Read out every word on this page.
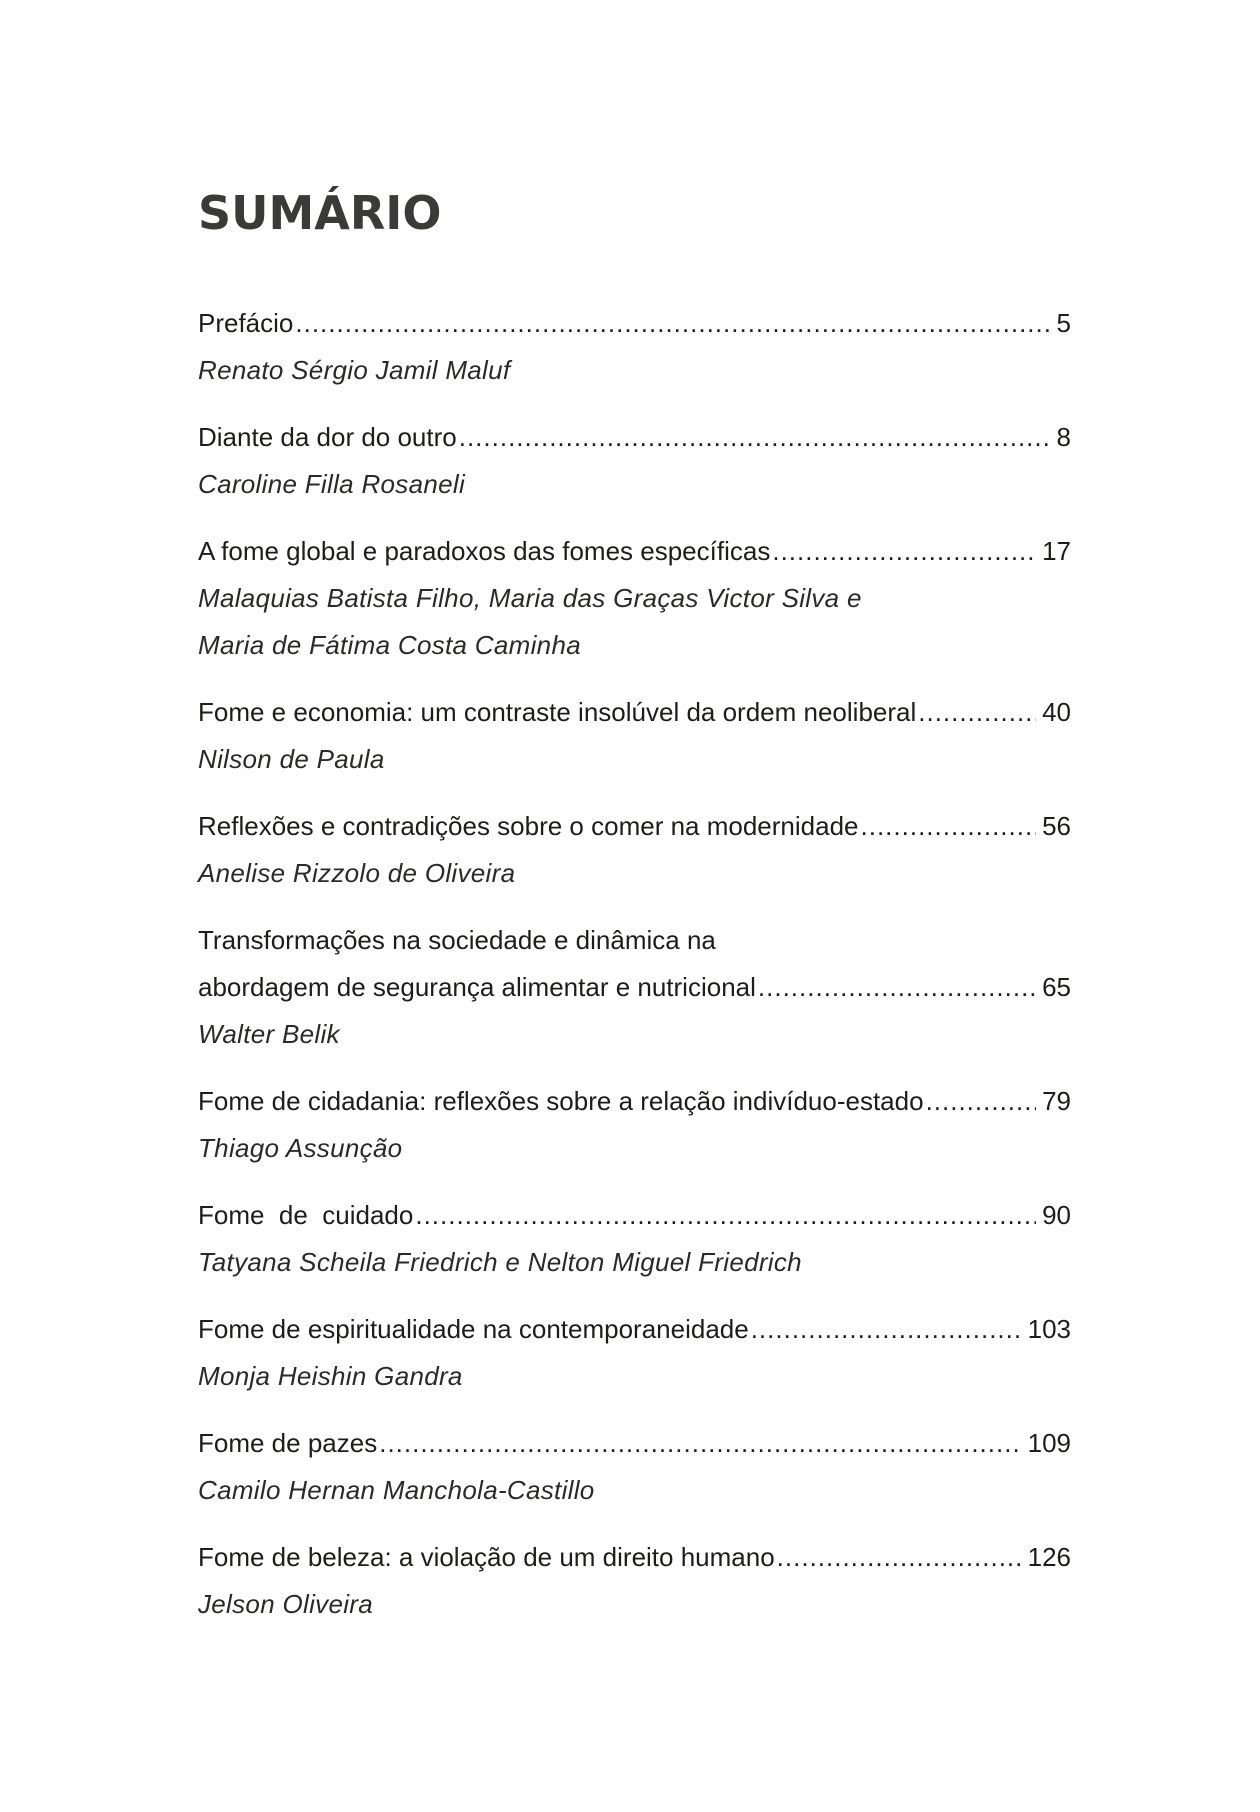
SUMÁRIO
Prefácio .....	5
Renato Sérgio Jamil Maluf
Diante da dor do outro .....	8
Caroline Filla Rosaneli
A fome global e paradoxos das fomes específicas .....	17
Malaquias Batista Filho, Maria das Graças Victor Silva e
Maria de Fátima Costa Caminha
Fome e economia: um contraste insolúvel da ordem neoliberal .....	40
Nilson de Paula
Reflexões e contradições sobre o comer na modernidade .....	56
Anelise Rizzolo de Oliveira
Transformações na sociedade e dinâmica na
abordagem de segurança alimentar e nutricional .....	65
Walter Belik
Fome de cidadania: reflexões sobre a relação indivíduo-estado .....	79
Thiago Assunção
Fome  de  cuidado .....	90
Tatyana Scheila Friedrich e Nelton Miguel Friedrich
Fome de espiritualidade na contemporaneidade .....	103
Monja Heishin Gandra
Fome de pazes .....	109
Camilo Hernan Manchola-Castillo
Fome de beleza: a violação de um direito humano .....	126
Jelson Oliveira
